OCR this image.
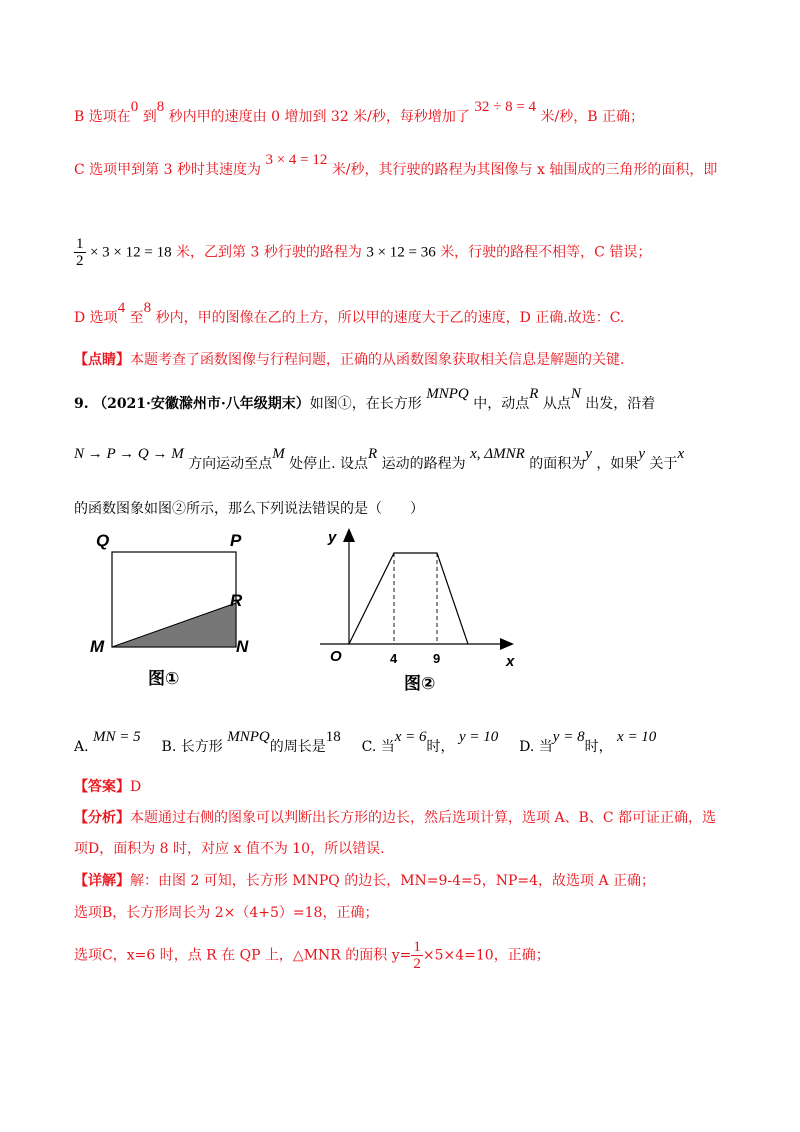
B 选项在0 到8 秒内甲的速度由 0 增加到 32 米/秒，每秒增加了 32 ÷ 8 = 4 米/秒，B 正确；
C 选项甲到第 3 秒时其速度为 3 × 4 = 12 米/秒，其行驶的路程为其图像与 x 轴围成的三角形的面积，即
$\frac{1}{2} \times 3 \times 12 = 18$ 米，乙到第 3 秒行驶的路程为 3 × 12 = 36 米，行驶的路程不相等，C 错误；
D 选项4 至8 秒内，甲的图像在乙的上方，所以甲的速度大于乙的速度，D 正确.故选：C.
【点睛】本题考查了函数图像与行程问题，正确的从函数图象获取相关信息是解题的关键.
9. （2021·安徽滁州市·八年级期末）如图①，在长方形 MNPQ 中，动点R 从点N 出发，沿着
N → P → Q → M 方向运动至点M 处停止. 设点R 运动的路程为 x, ΔMNR 的面积为y ，如果y 关于x
的函数图象如图②所示，那么下列说法错误的是（　　）
Q	P
R
M	N
图①
y
x
O	4	9
图②
A. MN = 5  B. 长方形 MNPQ的周长是18  C. 当x = 6时， y = 10  D. 当y = 8时， x = 10
【答案】D
【分析】本题通过右侧的图象可以判断出长方形的边长，然后选项计算，选项 A、B、C 都可证正确，选
项D，面积为 8 时，对应 x 值不为 10，所以错误.
【详解】解：由图 2 可知，长方形 MNPQ 的边长，MN=9-4=5，NP=4，故选项 A 正确；
选项B，长方形周长为 2×（4+5）=18，正确；
选项C，x=6 时，点 R 在 QP 上，△MNR 的面积 $y= \frac{1}{2} \times 5\times 4=10$，正确；
